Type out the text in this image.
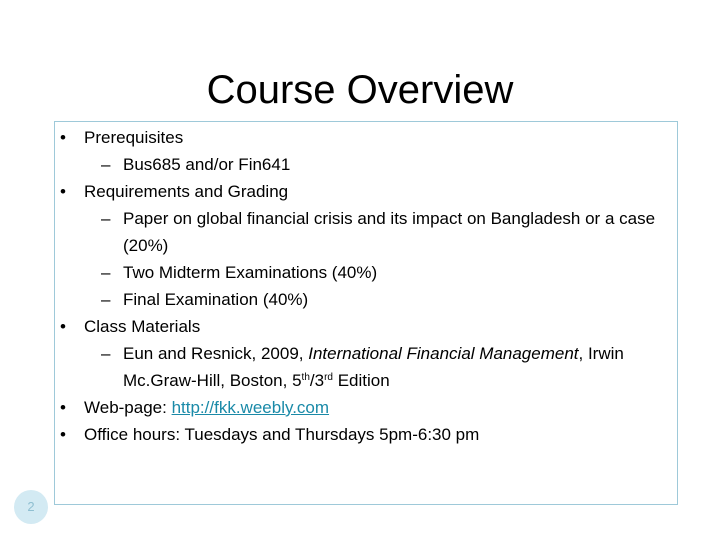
Course Overview
• Prerequisites
– Bus685 and/or Fin641
• Requirements and Grading
– Paper on global financial crisis and its impact on Bangladesh or a case (20%)
– Two Midterm Examinations (40%)
– Final Examination (40%)
• Class Materials
– Eun and Resnick, 2009, International Financial Management, Irwin Mc.Graw-Hill, Boston, 5th/3rd Edition
• Web-page: http://fkk.weebly.com
• Office hours: Tuesdays and Thursdays 5pm-6:30 pm
2
